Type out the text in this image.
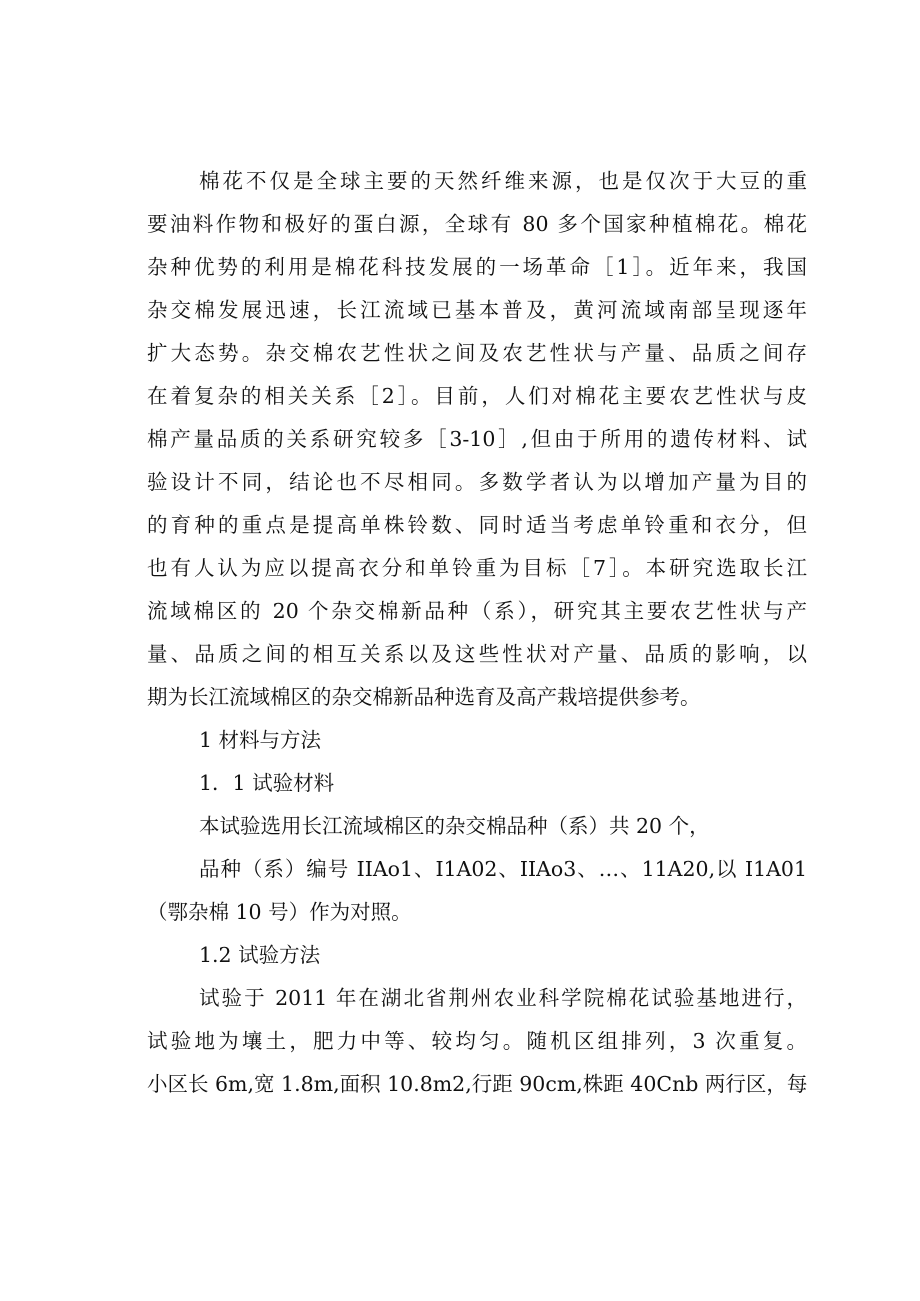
棉花不仅是全球主要的天然纤维来源，也是仅次于大豆的重
要油料作物和极好的蛋白源，全球有 80 多个国家种植棉花。棉花
杂种优势的利用是棉花科技发展的一场革命［1］。近年来，我国
杂交棉发展迅速，长江流域已基本普及，黄河流域南部呈现逐年
扩大态势。杂交棉农艺性状之间及农艺性状与产量、品质之间存
在着复杂的相关关系［2］。目前，人们对棉花主要农艺性状与皮
棉产量品质的关系研究较多［3-10］,但由于所用的遗传材料、试
验设计不同，结论也不尽相同。多数学者认为以增加产量为目的
的育种的重点是提高单株铃数、同时适当考虑单铃重和衣分，但
也有人认为应以提高衣分和单铃重为目标［7］。本研究选取长江
流域棉区的 20 个杂交棉新品种（系），研究其主要农艺性状与产
量、品质之间的相互关系以及这些性状对产量、品质的影响，以
期为长江流域棉区的杂交棉新品种选育及高产栽培提供参考。
1 材料与方法
1．1 试验材料
本试验选用长江流域棉区的杂交棉品种（系）共 20 个，
品种（系）编号 IIAo1、I1A02、IIAo3、…、11A20,以 I1A01
（鄂杂棉 10 号）作为对照。
1.2 试验方法
试验于 2011 年在湖北省荆州农业科学院棉花试验基地进行，
试验地为壤土，肥力中等、较均匀。随机区组排列，3 次重复。
小区长 6m,宽 1.8m,面积 10.8m2,行距 90cm,株距 40Cnb 两行区，每
